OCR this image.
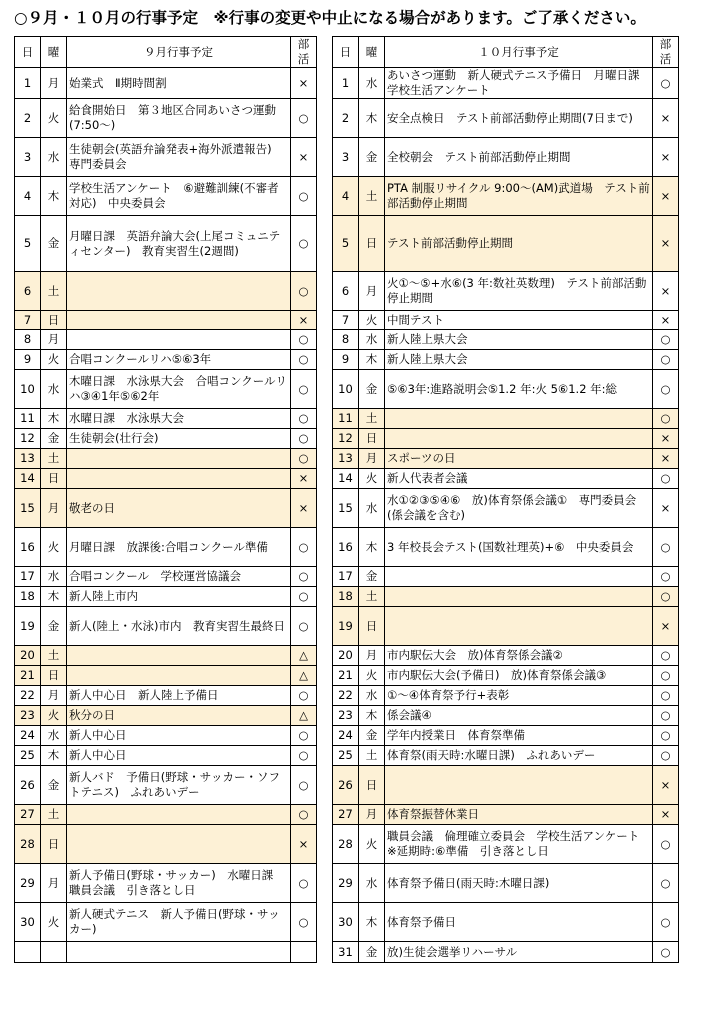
○９月・１０月の行事予定　※行事の変更や中止になる場合があります。ご了承ください。
日	曜	９月行事予定	部活
1	月	始業式　Ⅱ期時間割	×
2	火	給食開始日　第３地区合同あいさつ運動(7:50～)	○
3	水	生徒朝会(英語弁論発表+海外派遣報告)　専門委員会	×
4	木	学校生活アンケート　⑥避難訓練(不審者対応)　中央委員会	○
5	金	月曜日課　英語弁論大会(上尾コミュニティセンター)　教育実習生(2週間)	○
6	土		○
7	日		×
8	月		○
9	火	合唱コンクールリハ⑤⑥3年	○
10	水	木曜日課　水泳県大会　合唱コンクールリハ③④1年⑤⑥2年	○
11	木	水曜日課　水泳県大会	○
12	金	生徒朝会(壮行会)	○
13	土		○
14	日		×
15	月	敬老の日	×
16	火	月曜日課　放課後:合唱コンクール準備	○
17	水	合唱コンクール　学校運営協議会	○
18	木	新人陸上市内	○
19	金	新人(陸上・水泳)市内　教育実習生最終日	○
20	土		△
21	日		△
22	月	新人中心日　新人陸上予備日	○
23	火	秋分の日	△
24	水	新人中心日	○
25	木	新人中心日	○
26	金	新人バド　予備日(野球・サッカー・ソフトテニス)　ふれあいデー	○
27	土		○
28	日		×
29	月	新人予備日(野球・サッカー)　水曜日課　職員会議　引き落とし日	○
30	火	新人硬式テニス　新人予備日(野球・サッカー)	○

日	曜	１０月行事予定	部活
1	水	あいさつ運動　新人硬式テニス予備日　月曜日課　学校生活アンケート	○
2	木	安全点検日　テスト前部活動停止期間(7日まで)	×
3	金	全校朝会　テスト前部活動停止期間	×
4	土	PTA 制服リサイクル 9:00～(AM)武道場　テスト前部活動停止期間	×
5	日	テスト前部活動停止期間	×
6	月	火①～⑤+水⑥(3 年:数社英数理)　テスト前部活動停止期間	×
7	火	中間テスト	×
8	水	新人陸上県大会	○
9	木	新人陸上県大会	○
10	金	⑤⑥3年:進路説明会⑤1.2 年:火 5⑥1.2 年:総	○
11	土		○
12	日		×
13	月	スポーツの日	×
14	火	新人代表者会議	○
15	水	水①②③⑤④⑥　放)体育祭係会議①　専門委員会(係会議を含む)	×
16	木	3 年校長会テスト(国数社理英)+⑥　中央委員会	○
17	金		○
18	土		○
19	日		×
20	月	市内駅伝大会　放)体育祭係会議②	○
21	火	市内駅伝大会(予備日)　放)体育祭係会議③	○
22	水	①～④体育祭予行+表彰	○
23	木	係会議④	○
24	金	学年内授業日　体育祭準備	○
25	土	体育祭(雨天時:水曜日課)　ふれあいデー	○
26	日		×
27	月	体育祭振替休業日	×
28	火	職員会議　倫理確立委員会　学校生活アンケート　※延期時:⑥準備　引き落とし日	○
29	水	体育祭予備日(雨天時:木曜日課)	○
30	木	体育祭予備日	○
31	金	放)生徒会選挙リハーサル	○
